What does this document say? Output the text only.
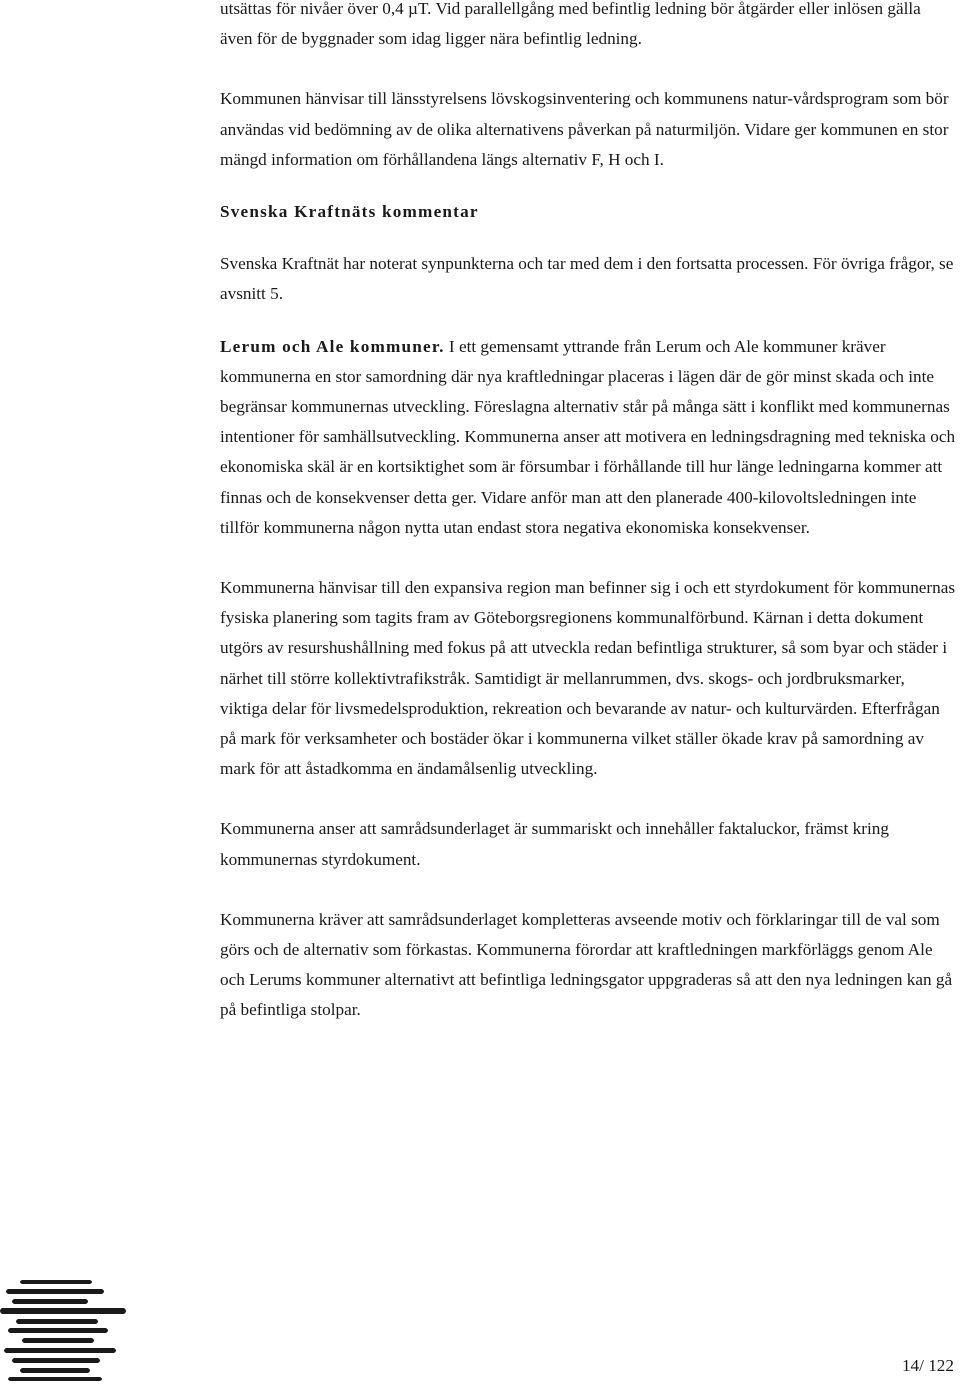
utsättas för nivåer över 0,4 µT. Vid parallellgång med befintlig ledning bör åtgärder eller inlösen gälla även för de byggnader som idag ligger nära befintlig ledning.

Kommunen hänvisar till länsstyrelsens lövskogsinventering och kommunens natur-vårdsprogram som bör användas vid bedömning av de olika alternativens påverkan på naturmiljön. Vidare ger kommunen en stor mängd information om förhållandena längs alternativ F, H och I.

Svenska Kraftnäts kommentar

Svenska Kraftnät har noterat synpunkterna och tar med dem i den fortsatta processen. För övriga frågor, se avsnitt 5.

Lerum och Ale kommuner. I ett gemensamt yttrande från Lerum och Ale kommuner kräver kommunerna en stor samordning där nya kraftledningar placeras i lägen där de gör minst skada och inte begränsar kommunernas utveckling. Föreslagna alternativ står på många sätt i konflikt med kommunernas intentioner för samhällsutveckling. Kommunerna anser att motivera en ledningsdragning med tekniska och ekonomiska skäl är en kortsiktighet som är försumbar i förhållande till hur länge ledningarna kommer att finnas och de konsekvenser detta ger. Vidare anför man att den planerade 400-kilovoltsledningen inte tillför kommunerna någon nytta utan endast stora negativa ekonomiska konsekvenser.

Kommunerna hänvisar till den expansiva region man befinner sig i och ett styrdokument för kommunernas fysiska planering som tagits fram av Göteborgsregionens kommunalförbund. Kärnan i detta dokument utgörs av resurshushållning med fokus på att utveckla redan befintliga strukturer, så som byar och städer i närhet till större kollektivtrafikstråk. Samtidigt är mellanrummen, dvs. skogs- och jordbruksmarker, viktiga delar för livsmedelsproduktion, rekreation och bevarande av natur- och kulturvärden. Efterfrågan på mark för verksamheter och bostäder ökar i kommunerna vilket ställer ökade krav på samordning av mark för att åstadkomma en ändamålsenlig utveckling.

Kommunerna anser att samrådsunderlaget är summariskt och innehåller faktaluckor, främst kring kommunernas styrdokument.

Kommunerna kräver att samrådsunderlaget kompletteras avseende motiv och förklaringar till de val som görs och de alternativ som förkastas. Kommunerna förordar att kraftledningen markförläggs genom Ale och Lerums kommuner alternativt att befintliga ledningsgator uppgraderas så att den nya ledningen kan gå på befintliga stolpar.

14/ 122
